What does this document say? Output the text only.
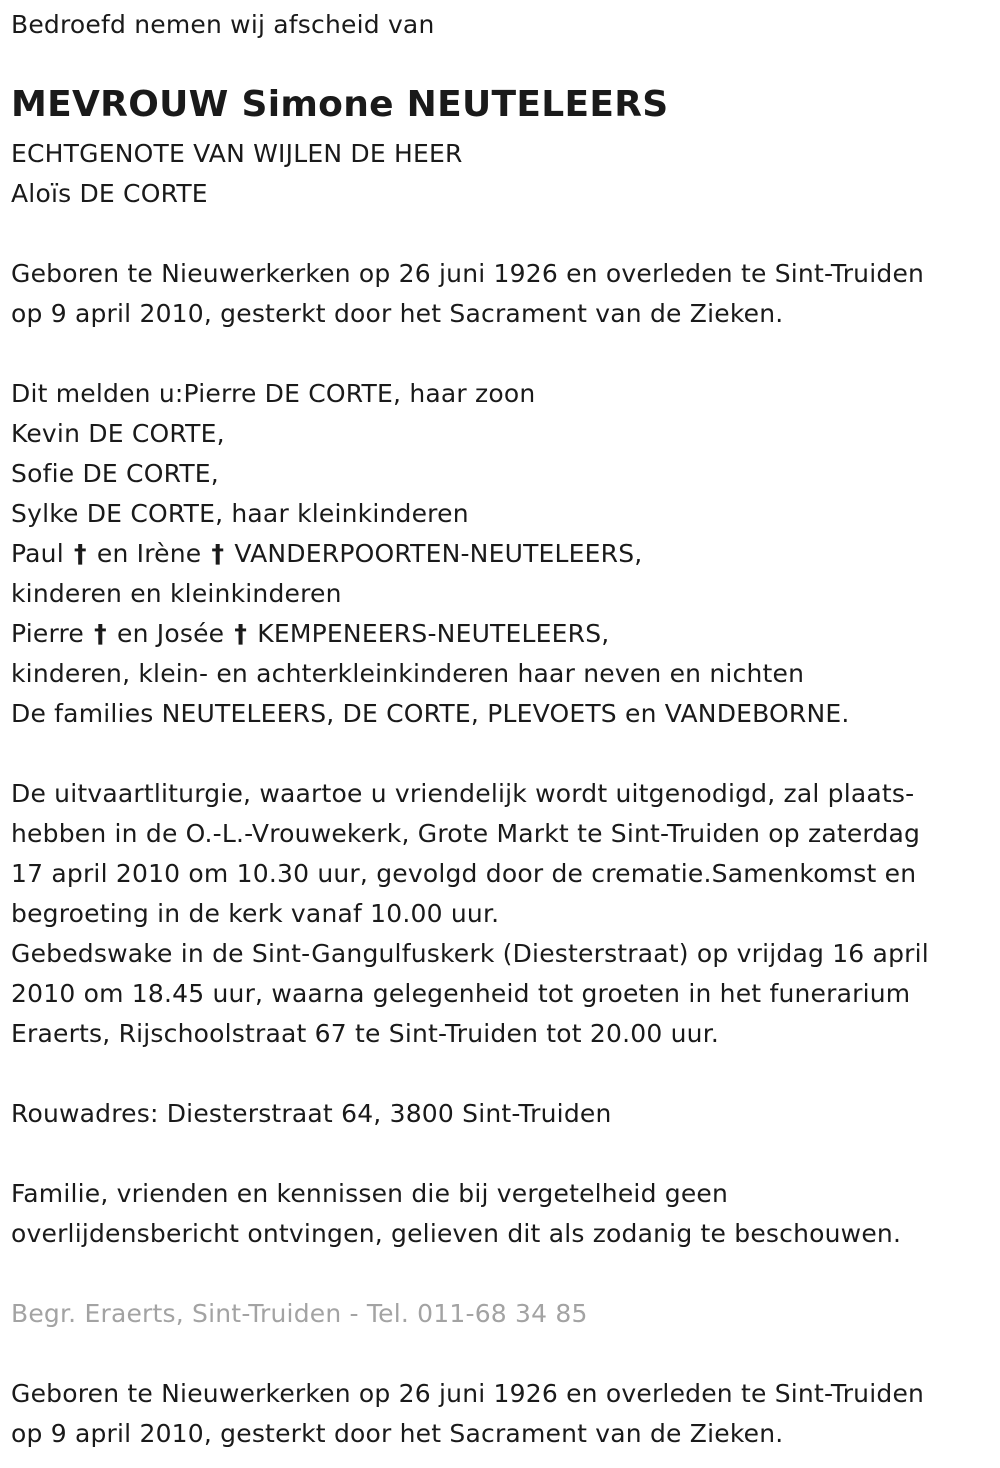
Bedroefd nemen wij afscheid van
MEVROUW Simone NEUTELEERS
ECHTGENOTE VAN WIJLEN DE HEER
Aloïs DE CORTE
Geboren te Nieuwerkerken op 26 juni 1926 en overleden te Sint-Truiden
op 9 april 2010, gesterkt door het Sacrament van de Zieken.
Dit melden u:Pierre DE CORTE, haar zoon
Kevin DE CORTE,
Sofie DE CORTE,
Sylke DE CORTE, haar kleinkinderen
Paul † en Irène † VANDERPOORTEN-NEUTELEERS,
kinderen en kleinkinderen
Pierre † en Josée † KEMPENEERS-NEUTELEERS,
kinderen, klein- en achterkleinkinderen haar neven en nichten
De families NEUTELEERS, DE CORTE, PLEVOETS en VANDEBORNE.
De uitvaartliturgie, waartoe u vriendelijk wordt uitgenodigd, zal plaats-
hebben in de O.-L.-Vrouwekerk, Grote Markt te Sint-Truiden op zaterdag
17 april 2010 om 10.30 uur, gevolgd door de crematie.Samenkomst en
begroeting in de kerk vanaf 10.00 uur.
Gebedswake in de Sint-Gangulfuskerk (Diesterstraat) op vrijdag 16 april
2010 om 18.45 uur, waarna gelegenheid tot groeten in het funerarium
Eraerts, Rijschoolstraat 67 te Sint-Truiden tot 20.00 uur.
Rouwadres: Diesterstraat 64, 3800 Sint-Truiden
Familie, vrienden en kennissen die bij vergetelheid geen
overlijdensbericht ontvingen, gelieven dit als zodanig te beschouwen.
Begr. Eraerts, Sint-Truiden - Tel. 011-68 34 85
Geboren te Nieuwerkerken op 26 juni 1926 en overleden te Sint-Truiden
op 9 april 2010, gesterkt door het Sacrament van de Zieken.
